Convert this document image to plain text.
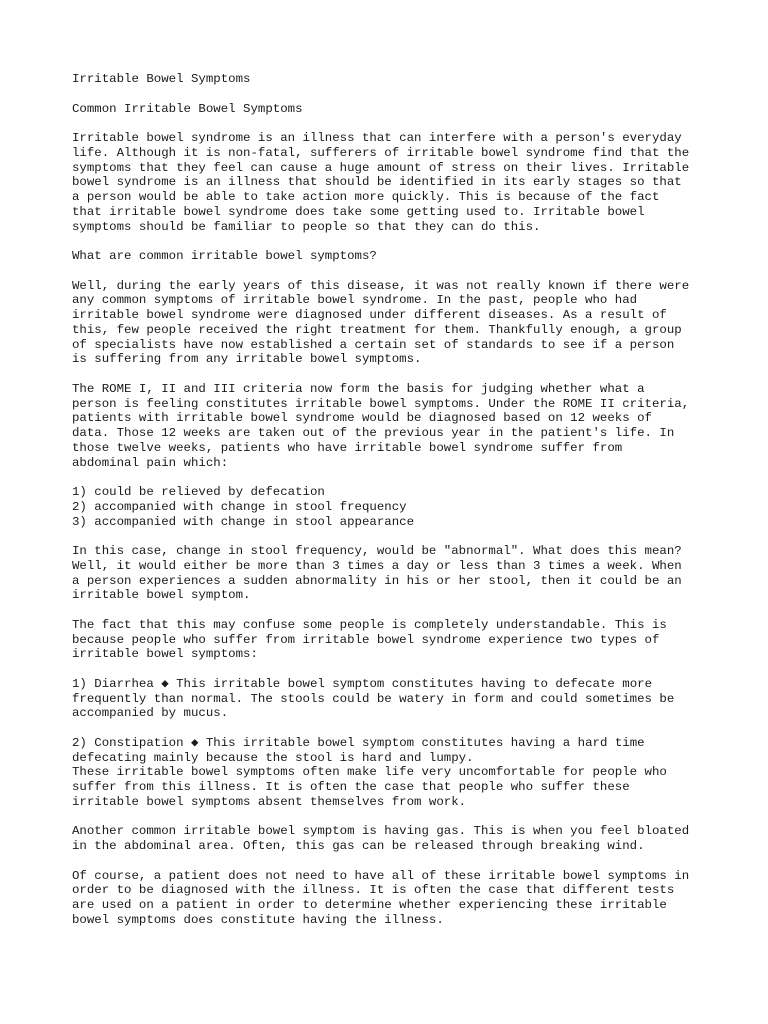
Irritable Bowel Symptoms
Common Irritable Bowel Symptoms
Irritable bowel syndrome is an illness that can interfere with a person's everyday
life. Although it is non-fatal, sufferers of irritable bowel syndrome find that the
symptoms that they feel can cause a huge amount of stress on their lives. Irritable
bowel syndrome is an illness that should be identified in its early stages so that
a person would be able to take action more quickly. This is because of the fact
that irritable bowel syndrome does take some getting used to. Irritable bowel
symptoms should be familiar to people so that they can do this.
What are common irritable bowel symptoms?
Well, during the early years of this disease, it was not really known if there were
any common symptoms of irritable bowel syndrome. In the past, people who had
irritable bowel syndrome were diagnosed under different diseases. As a result of
this, few people received the right treatment for them. Thankfully enough, a group
of specialists have now established a certain set of standards to see if a person
is suffering from any irritable bowel symptoms.
The ROME I, II and III criteria now form the basis for judging whether what a
person is feeling constitutes irritable bowel symptoms. Under the ROME II criteria,
patients with irritable bowel syndrome would be diagnosed based on 12 weeks of
data. Those 12 weeks are taken out of the previous year in the patient's life. In
those twelve weeks, patients who have irritable bowel syndrome suffer from
abdominal pain which:
1) could be relieved by defecation
2) accompanied with change in stool frequency
3) accompanied with change in stool appearance
In this case, change in stool frequency, would be "abnormal". What does this mean?
Well, it would either be more than 3 times a day or less than 3 times a week. When
a person experiences a sudden abnormality in his or her stool, then it could be an
irritable bowel symptom.
The fact that this may confuse some people is completely understandable. This is
because people who suffer from irritable bowel syndrome experience two types of
irritable bowel symptoms:
1) Diarrhea ◆ This irritable bowel symptom constitutes having to defecate more
frequently than normal. The stools could be watery in form and could sometimes be
accompanied by mucus.
2) Constipation ◆ This irritable bowel symptom constitutes having a hard time
defecating mainly because the stool is hard and lumpy.
These irritable bowel symptoms often make life very uncomfortable for people who
suffer from this illness. It is often the case that people who suffer these
irritable bowel symptoms absent themselves from work.
Another common irritable bowel symptom is having gas. This is when you feel bloated
in the abdominal area. Often, this gas can be released through breaking wind.
Of course, a patient does not need to have all of these irritable bowel symptoms in
order to be diagnosed with the illness. It is often the case that different tests
are used on a patient in order to determine whether experiencing these irritable
bowel symptoms does constitute having the illness.
